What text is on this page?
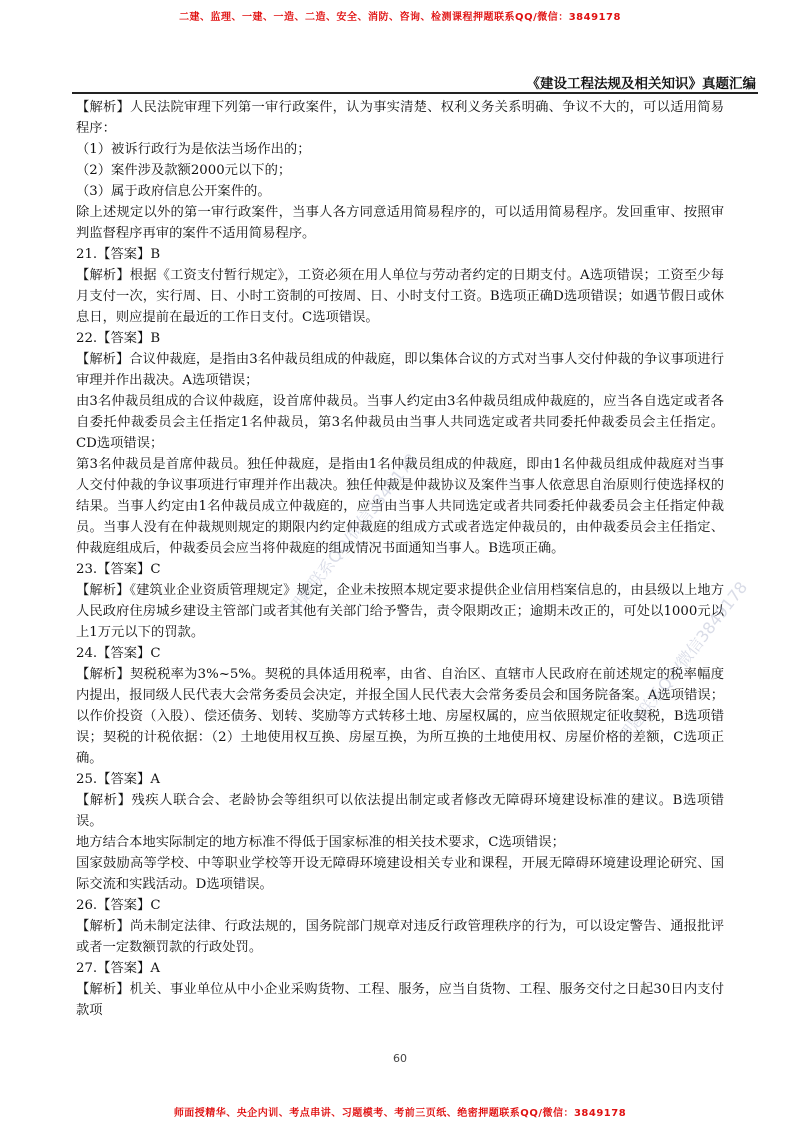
二建、监理、一建、一造、二造、安全、消防、咨询、检测课程押题联系QQ/微信：3849178
《建设工程法规及相关知识》真题汇编

【解析】人民法院审理下列第一审行政案件，认为事实清楚、权利义务关系明确、争议不大的，可以适用简易程序：

（1）被诉行政行为是依法当场作出的；

（2）案件涉及款额2000元以下的；

（3）属于政府信息公开案件的。

除上述规定以外的第一审行政案件，当事人各方同意适用简易程序的，可以适用简易程序。发回重审、按照审判监督程序再审的案件不适用简易程序。

21.【答案】B

【解析】根据《工资支付暂行规定》，工资必须在用人单位与劳动者约定的日期支付。A选项错误；工资至少每月支付一次，实行周、日、小时工资制的可按周、日、小时支付工资。B选项正确D选项错误；如遇节假日或休息日，则应提前在最近的工作日支付。C选项错误。

22.【答案】B

【解析】合议仲裁庭，是指由3名仲裁员组成的仲裁庭，即以集体合议的方式对当事人交付仲裁的争议事项进行审理并作出裁决。A选项错误；

由3名仲裁员组成的合议仲裁庭，设首席仲裁员。当事人约定由3名仲裁员组成仲裁庭的，应当各自选定或者各自委托仲裁委员会主任指定1名仲裁员，第3名仲裁员由当事人共同选定或者共同委托仲裁委员会主任指定。CD选项错误；

第3名仲裁员是首席仲裁员。独任仲裁庭，是指由1名仲裁员组成的仲裁庭，即由1名仲裁员组成仲裁庭对当事人交付仲裁的争议事项进行审理并作出裁决。独任仲裁是仲裁协议及案件当事人依意思自治原则行使选择权的结果。当事人约定由1名仲裁员成立仲裁庭的，应当由当事人共同选定或者共同委托仲裁委员会主任指定仲裁员。当事人没有在仲裁规则规定的期限内约定仲裁庭的组成方式或者选定仲裁员的，由仲裁委员会主任指定、仲裁庭组成后，仲裁委员会应当将仲裁庭的组成情况书面通知当事人。B选项正确。

23.【答案】C

【解析】《建筑业企业资质管理规定》规定，企业未按照本规定要求提供企业信用档案信息的，由县级以上地方人民政府住房城乡建设主管部门或者其他有关部门给予警告，责令限期改正；逾期未改正的，可处以1000元以上1万元以下的罚款。

24.【答案】C

【解析】契税税率为3%~5%。契税的具体适用税率，由省、自治区、直辖市人民政府在前述规定的税率幅度内提出，报同级人民代表大会常务委员会决定，并报全国人民代表大会常务委员会和国务院备案。A选项错误；以作价投资（入股）、偿还债务、划转、奖励等方式转移土地、房屋权属的，应当依照规定征收契税，B选项错误；契税的计税依据：（2）土地使用权互换、房屋互换，为所互换的土地使用权、房屋价格的差额，C选项正确。

25.【答案】A

【解析】残疾人联合会、老龄协会等组织可以依法提出制定或者修改无障碍环境建设标准的建议。B选项错误。

地方结合本地实际制定的地方标准不得低于国家标准的相关技术要求，C选项错误；

国家鼓励高等学校、中等职业学校等开设无障碍环境建设相关专业和课程，开展无障碍环境建设理论研究、国际交流和实践活动。D选项错误。

26.【答案】C

【解析】尚未制定法律、行政法规的，国务院部门规章对违反行政管理秩序的行为，可以设定警告、通报批评或者一定数额罚款的行政处罚。

27.【答案】A

【解析】机关、事业单位从中小企业采购货物、工程、服务，应当自货物、工程、服务交付之日起30日内支付款项

押题联系QQ/微信3849178
押题联系QQ/微信3849178
60
师面授精华、央企内训、考点串讲、习题模考、考前三页纸、绝密押题联系QQ/微信：3849178
